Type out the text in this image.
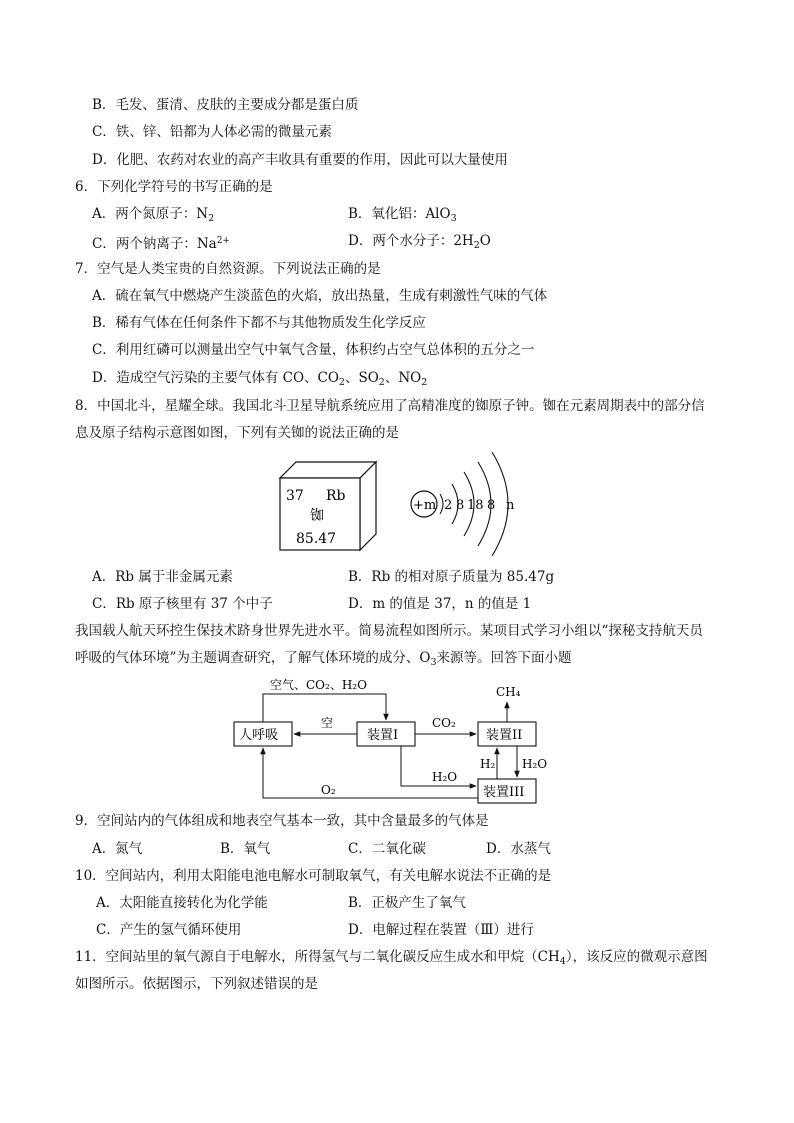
B．毛发、蛋清、皮肤的主要成分都是蛋白质
C．铁、锌、铅都为人体必需的微量元素
D．化肥、农药对农业的高产丰收具有重要的作用，因此可以大量使用
6．下列化学符号的书写正确的是
A．两个氮原子：$N_2$	B．氧化铝：AlO$_3$
C．两个钠离子：$Na^{2+}$	D．两个水分子：$2H_2O$
7．空气是人类宝贵的自然资源。下列说法正确的是
A．硫在氧气中燃烧产生淡蓝色的火焰，放出热量，生成有刺激性气味的气体
B．稀有气体在任何条件下都不与其他物质发生化学反应
C．利用红磷可以测量出空气中氧气含量，体积约占空气总体积的五分之一
D．造成空气污染的主要气体有 CO、$CO_2$、$SO_2$、$NO_2$
8．中国北斗，星耀全球。我国北斗卫星导航系统应用了高精准度的铷原子钟。铷在元素周期表中的部分信
息及原子结构示意图如图，下列有关铷的说法正确的是
37 Rb
铷
85.47
+m 2 8 18 8 n
A．Rb 属于非金属元素	B．Rb 的相对原子质量为 85.47g
C．Rb 原子核里有 37 个中子	D．m 的值是 37，n 的值是 1
我国载人航天环控生保技术跻身世界先进水平。简易流程如图所示。某项目式学习小组以“探秘支持航天员
呼吸的气体环境”为主题调查研究，了解气体环境的成分、$O_3$来源等。回答下面小题
人呼吸	装置I	装置II
装置III
空气、CO₂、H₂O
空	CO₂
CH₄
H₂ H₂O
H₂O
O₂
9．空间站内的气体组成和地表空气基本一致，其中含量最多的气体是
A．氮气	B．氧气	C．二氧化碳	D．水蒸气
10．空间站内，利用太阳能电池电解水可制取氧气，有关电解水说法不正确的是
A．太阳能直接转化为化学能	B．正极产生了氧气
C．产生的氢气循环使用	D．电解过程在装置（Ⅲ）进行
11．空间站里的氧气源自于电解水，所得氢气与二氧化碳反应生成水和甲烷$(CH_4)$，该反应的微观示意图
如图所示。依据图示，下列叙述错误的是
